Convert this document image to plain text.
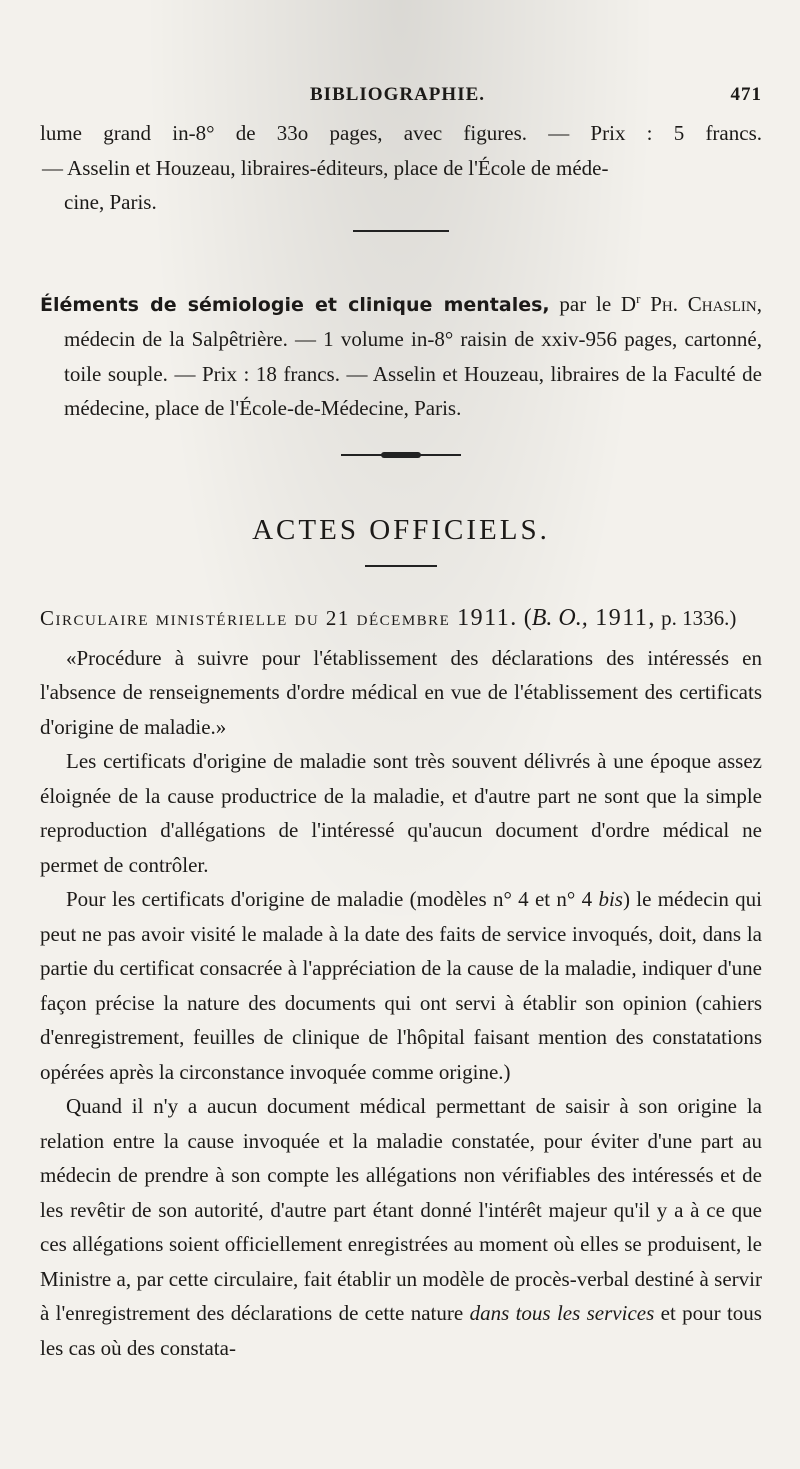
BIBLIOGRAPHIE.	471

lume grand in-8° de 33o pages, avec figures. — Prix : 5 francs.

— Asselin et Houzeau, libraires-éditeurs, place de l'École de méde-

cine, Paris.

Éléments de sémiologie et clinique mentales, par le $D^r$ Ph. Chaslin, médecin de la Salpêtrière. — 1 volume in-8° raisin de xxiv-956 pages, cartonné, toile souple. — Prix : 18 francs. — Asselin et Houzeau, libraires de la Faculté de médecine, place de l'École-de-Médecine, Paris.

ACTES OFFICIELS.

Circulaire ministérielle du 21 décembre 1911. (B. O., 1911, p. 1336.)

«Procédure à suivre pour l'établissement des déclarations des intéressés en l'absence de renseignements d'ordre médical en vue de l'établissement des certificats d'origine de maladie.»

Les certificats d'origine de maladie sont très souvent délivrés à une époque assez éloignée de la cause productrice de la maladie, et d'autre part ne sont que la simple reproduction d'allégations de l'intéressé qu'aucun document d'ordre médical ne permet de contrôler.

Pour les certificats d'origine de maladie (modèles n° 4 et n° 4 bis) le médecin qui peut ne pas avoir visité le malade à la date des faits de service invoqués, doit, dans la partie du certificat consacrée à l'appréciation de la cause de la maladie, indiquer d'une façon précise la nature des documents qui ont servi à établir son opinion (cahiers d'enregistrement, feuilles de clinique de l'hôpital faisant mention des constatations opérées après la circonstance invoquée comme origine.)

Quand il n'y a aucun document médical permettant de saisir à son origine la relation entre la cause invoquée et la maladie constatée, pour éviter d'une part au médecin de prendre à son compte les allégations non vérifiables des intéressés et de les revêtir de son autorité, d'autre part étant donné l'intérêt majeur qu'il y a à ce que ces allégations soient officiellement enregistrées au moment où elles se produisent, le Ministre a, par cette circulaire, fait établir un modèle de procès-verbal destiné à servir à l'enregistrement des déclarations de cette nature dans tous les services et pour tous les cas où des constata-
